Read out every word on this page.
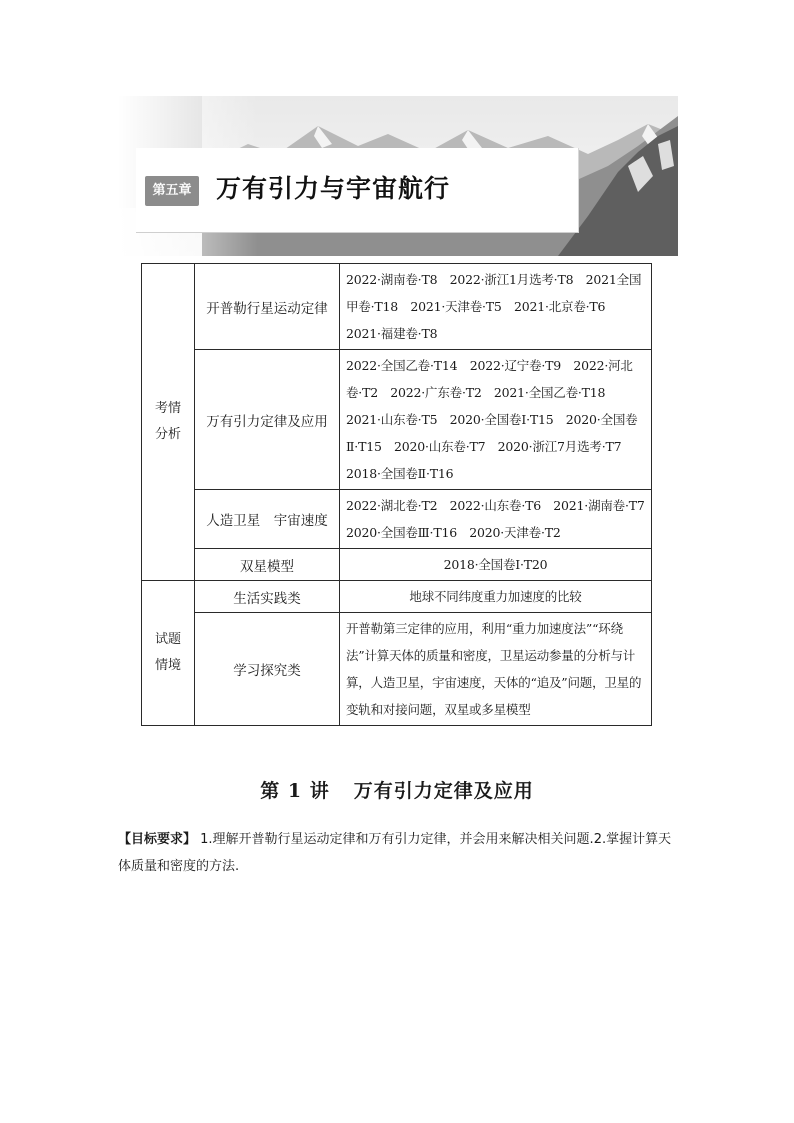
第五章 万有引力与宇宙航行
考情
分析	开普勒行星运动定律	2022·湖南卷·T8　2022·浙江1月选考·T8　2021全国甲卷·T18　2021·天津卷·T5　2021·北京卷·T6　2021·福建卷·T8
	万有引力定律及应用	2022·全国乙卷·T14　2022·辽宁卷·T9　2022·河北卷·T2　2022·广东卷·T2　2021·全国乙卷·T18　2021·山东卷·T5　2020·全国卷Ⅰ·T15　2020·全国卷Ⅱ·T15　2020·山东卷·T7　2020·浙江7月选考·T7　2018·全国卷Ⅱ·T16
	人造卫星　宇宙速度	2022·湖北卷·T2　2022·山东卷·T6　2021·湖南卷·T7　2020·全国卷Ⅲ·T16　2020·天津卷·T2
	双星模型	2018·全国卷Ⅰ·T20

试题
情境	生活实践类	地球不同纬度重力加速度的比较
	学习探究类	开普勒第三定律的应用，利用“重力加速度法”“环绕法”计算天体的质量和密度，卫星运动参量的分析与计算，人造卫星，宇宙速度，天体的“追及”问题，卫星的变轨和对接问题，双星或多星模型
第 1 讲 万有引力定律及应用
【目标要求】 1.理解开普勒行星运动定律和万有引力定律，并会用来解决相关问题.2.掌握计算天体质量和密度的方法.
